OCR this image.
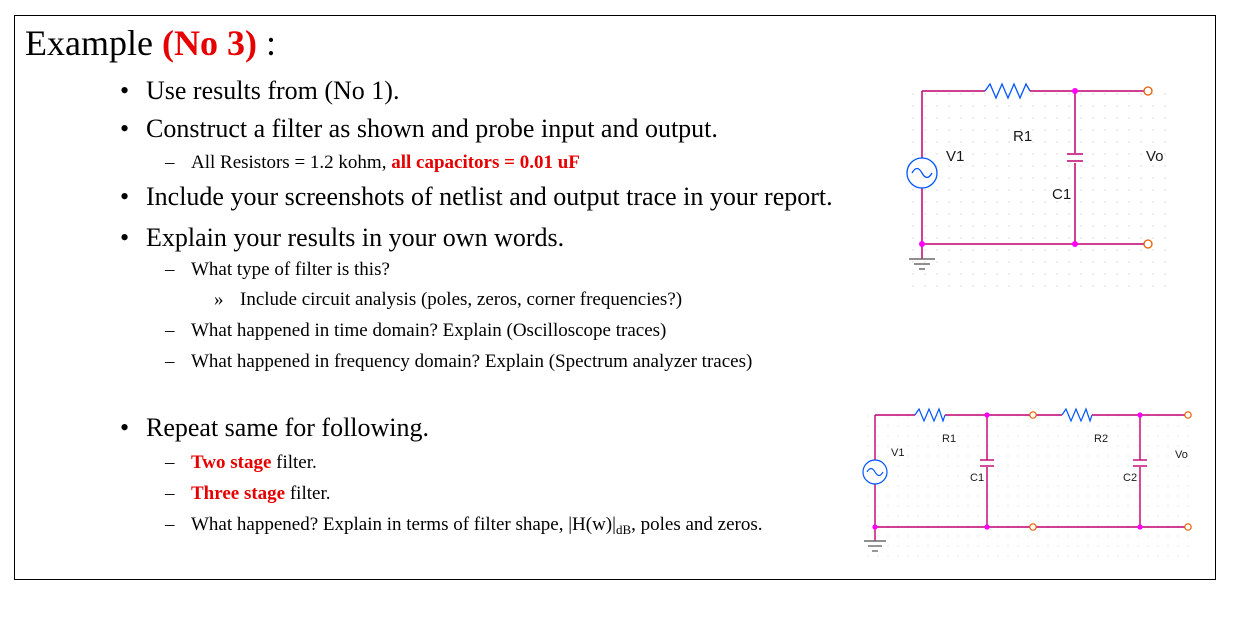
Example (No 3) :
• Use results from (No 1).
• Construct a filter as shown and probe input and output.
– All Resistors = 1.2 kohm, all capacitors = 0.01 uF
• Include your screenshots of netlist and output trace in your report.
• Explain your results in your own words.
– What type of filter is this?
» Include circuit analysis (poles, zeros, corner frequencies?)
– What happened in time domain? Explain (Oscilloscope traces)
– What happened in frequency domain? Explain (Spectrum analyzer traces)
• Repeat same for following.
– Two stage filter.
– Three stage filter.
– What happened? Explain in terms of filter shape, $|H(w)|_{dB}$, poles and zeros.
V1
R1
C1
Vo
V1
R1
C1
R2
C2
Vo
